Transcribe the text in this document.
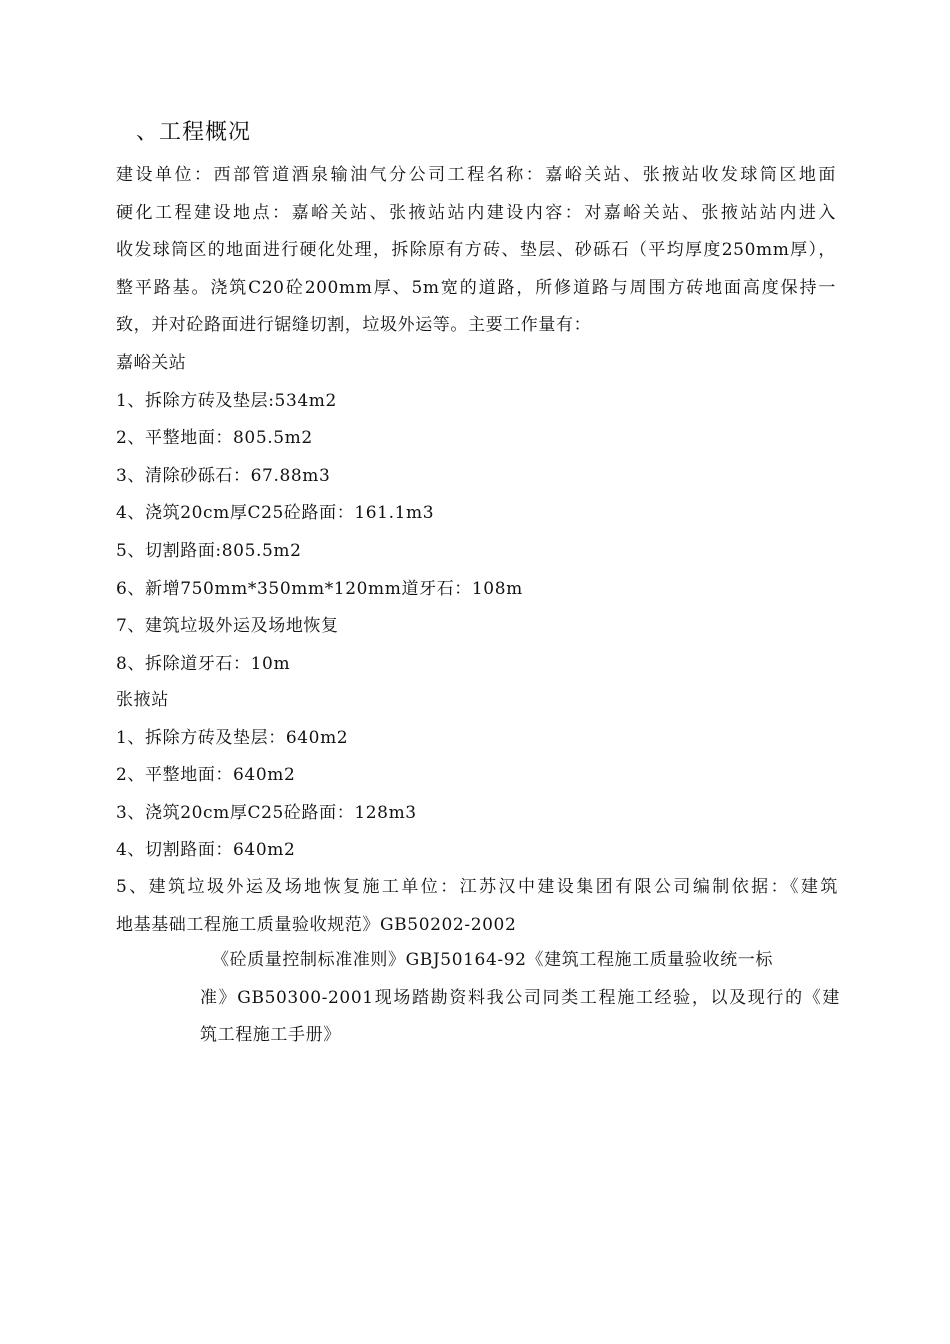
、工程概况
建设单位：西部管道酒泉输油气分公司工程名称：嘉峪关站、张掖站收发球筒区地面
硬化工程建设地点：嘉峪关站、张掖站站内建设内容：对嘉峪关站、张掖站站内进入
收发球筒区的地面进行硬化处理，拆除原有方砖、垫层、砂砾石（平均厚度250mm厚），
整平路基。浇筑C20砼200mm厚、5m宽的道路，所修道路与周围方砖地面高度保持一
致，并对砼路面进行锯缝切割，垃圾外运等。主要工作量有：
嘉峪关站
1、拆除方砖及垫层:534m2
2、平整地面：805.5m2
3、清除砂砾石：67.88m3
4、浇筑20cm厚C25砼路面：161.1m3
5、切割路面:805.5m2
6、新增750mm*350mm*120mm道牙石：108m
7、建筑垃圾外运及场地恢复
8、拆除道牙石：10m
张掖站
1、拆除方砖及垫层：640m2
2、平整地面：640m2
3、浇筑20cm厚C25砼路面：128m3
4、切割路面：640m2
5、建筑垃圾外运及场地恢复施工单位：江苏汉中建设集团有限公司编制依据：《建筑
地基基础工程施工质量验收规范》GB50202-2002
《砼质量控制标准准则》GBJ50164-92《建筑工程施工质量验收统一标
准》GB50300-2001现场踏勘资料我公司同类工程施工经验，以及现行的《建
筑工程施工手册》
